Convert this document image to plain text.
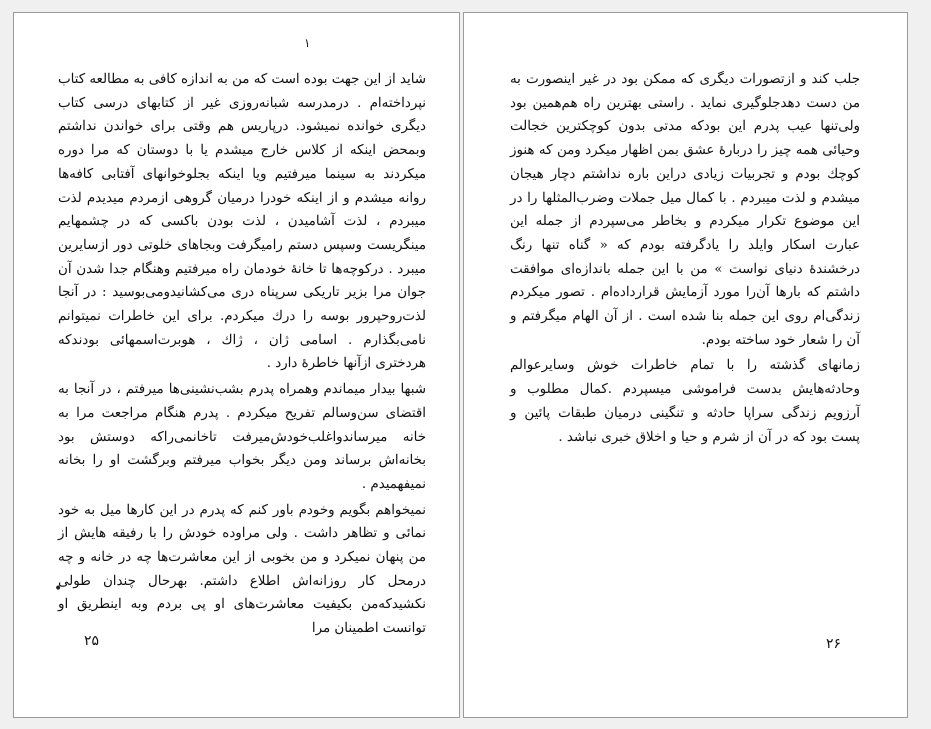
۱

شاید از این جهت بوده است که من به اندازه کافی به مطالعه کتاب نپرداخته‌ام . درمدرسه شبانه‌روزی غیر از کتابهای درسی کتاب دیگری خوانده نمیشود. درپاریس هم وقتی برای خواندن نداشتم وبمحض اینکه از کلاس خارج میشدم یا با دوستان که مرا دوره میکردند به سینما میرفتیم ویا اینکه بجلوخوانهای آفتابی کافه‌ها روانه میشدم و از اینکه خودرا درمیان گروهی ازمردم میدیدم لذت میبردم ، لذت آشامیدن ، لذت بودن باکسی که در چشمهایم مینگریست وسپس دستم رامیگرفت وبجاهای خلوتی دور ازسایرین میبرد . درکوچه‌ها تا خانهٔ خودمان راه میرفتیم وهنگام جدا شدن آن جوان مرا بزیر تاریکی سرپناه دری می‌کشانیدومی‌بوسید : در آنجا لذت‌روحپرور بوسه را درك میکردم. برای این خاطرات نمیتوانم نامی‌بگذارم . اسامی ژان ، ژاك ، هوبرت‌اسمهائی بودندکه هردختری ازآنها خاطرهٔ دارد .

شبها بیدار میماندم وهمراه پدرم بشب‌نشینی‌ها میرفتم ، در آنجا به اقتضای سن‌وسالم تفریح میکردم . پدرم هنگام مراجعت مرا به خانه میرساندواغلب‌خودش‌میرفت تاخانمی‌راکه دوستش بود بخانه‌اش برساند ومن دیگر بخواب میرفتم وبرگشت او را بخانه نمیفهمیدم .

نمیخواهم بگویم وخودم باور کنم که پدرم در این کارها میل به خود نمائی و تظاهر داشت . ولی مراوده خودش را با رفیقه هایش از من پنهان نمیکرد و من بخوبی از این معاشرت‌ها چه در خانه و چه درمحل کار روزانه‌اش اطلاع داشتم. بهرحال چندان طولی نکشیدکه‌من بکیفیت معاشرت‌های او پی بردم وبه اینطریق او توانست اطمینان مرا

•
۲۵

جلب کند و ازتصورات دیگری که ممکن بود در غیر اینصورت به من دست دهدجلوگیری نماید . راستی بهترین راه هم‌همین بود ولی‌تنها عیب پدرم این بودکه مدتی بدون کوچکترین خجالت وحیائی همه چیز را دربارهٔ عشق بمن اظهار میکرد ومن که هنوز کوچك بودم و تجربیات زیادی دراین باره نداشتم دچار هیجان میشدم و لذت میبردم . با کمال میل جملات وضرب‌المثلها را در این موضوع تکرار میکردم و بخاطر می‌سپردم از جمله این عبارت اسکار وایلد را یادگرفته بودم که « گناه تنها رنگ درخشندهٔ دنیای نواست » من با این جمله باندازه‌ای موافقت داشتم که بارها آن‌را مورد آزمایش قرارداده‌ام . تصور میکردم زندگی‌ام روی این جمله بنا شده است . از آن الهام میگرفتم و آن را شعار خود ساخته بودم.

زمانهای گذشته را با تمام خاطرات خوش وسایرعوالم وحادثه‌هایش بدست فراموشی میسپردم .کمال مطلوب و آرزویم زندگی سراپا حادثه و تنگینی درمیان طبقات پائین و پست بود که در آن از شرم و حیا و اخلاق خبری نباشد .

۲۶
